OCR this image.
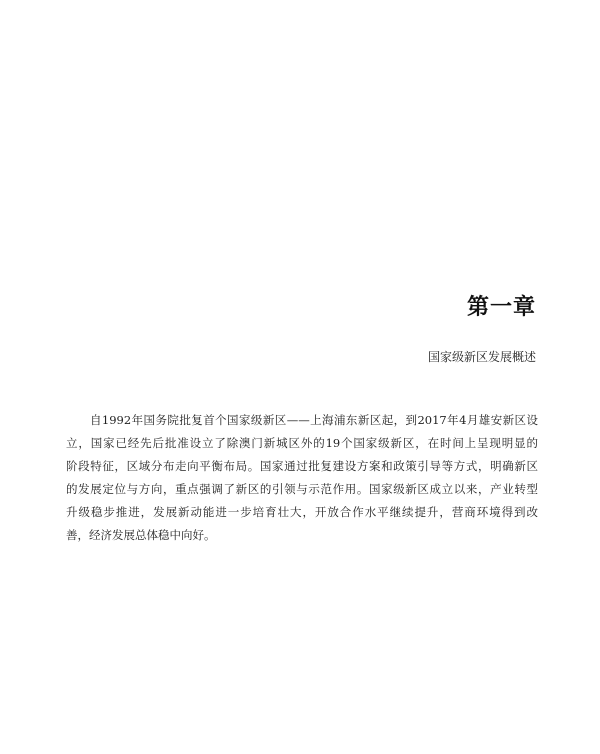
第一章
国家级新区发展概述
自1992年国务院批复首个国家级新区——上海浦东新区起，到2017年4月雄安新区设
立，国家已经先后批准设立了除澳门新城区外的19个国家级新区，在时间上呈现明显的
阶段特征，区域分布走向平衡布局。国家通过批复建设方案和政策引导等方式，明确新区
的发展定位与方向，重点强调了新区的引领与示范作用。国家级新区成立以来，产业转型
升级稳步推进，发展新动能进一步培育壮大，开放合作水平继续提升，营商环境得到改
善，经济发展总体稳中向好。
